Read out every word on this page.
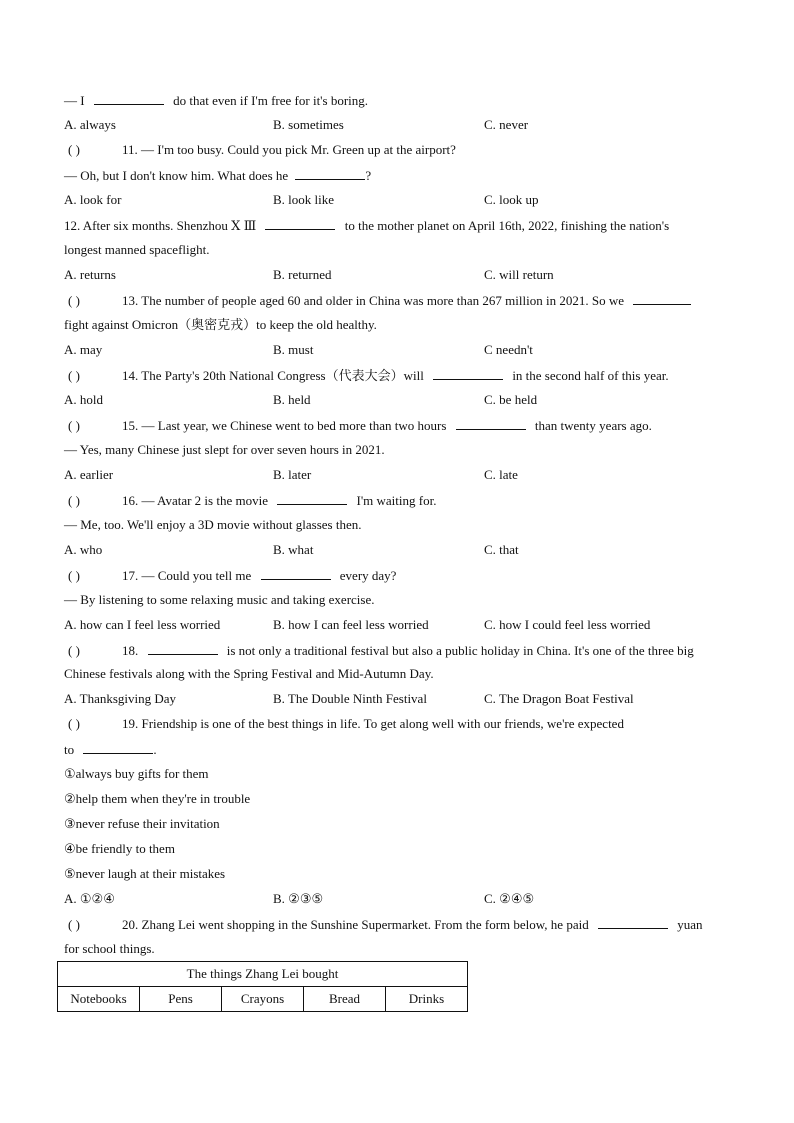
— I	do that even if I'm free for it's boring.
A. always	B. sometimes	C. never
( )	11. — I'm too busy. Could you pick Mr. Green up at the airport?
— Oh, but I don't know him. What does he	?
A. look for	B. look like	C. look up
12. After six months. Shenzhou Ⅹ Ⅲ	to the mother planet on April 16th, 2022, finishing the nation's
longest manned spaceflight.
A. returns	B. returned	C. will return
( )	13. The number of people aged 60 and older in China was more than 267 million in 2021. So we
fight against Omicron（奥密克戎）to keep the old healthy.
A. may	B. must	C needn't
( )	14. The Party's 20th National Congress（代表大会）will	in the second half of this year.
A. hold	B. held	C. be held
( )	15. — Last year, we Chinese went to bed more than two hours	than twenty years ago.
— Yes, many Chinese just slept for over seven hours in 2021.
A. earlier	B. later	C. late
( )	16. — Avatar 2 is the movie	I'm waiting for.
— Me, too. We'll enjoy a 3D movie without glasses then.
A. who	B. what	C. that
( )	17. — Could you tell me	every day?
— By listening to some relaxing music and taking exercise.
A. how can I feel less worried	B. how I can feel less worried	C. how I could feel less worried
( )	18.	is not only a traditional festival but also a public holiday in China. It's one of the three big
Chinese festivals along with the Spring Festival and Mid-Autumn Day.
A. Thanksgiving Day	B. The Double Ninth Festival	C. The Dragon Boat Festival
( )	19. Friendship is one of the best things in life. To get along well with our friends, we're expected
to	.
①always buy gifts for them
②help them when they're in trouble
③never refuse their invitation
④be friendly to them
⑤never laugh at their mistakes
A. ①②④	B. ②③⑤	C. ②④⑤
( )	20. Zhang Lei went shopping in the Sunshine Supermarket. From the form below, he paid	yuan
for school things.
The things Zhang Lei bought
Notebooks	Pens	Crayons	Bread	Drinks
